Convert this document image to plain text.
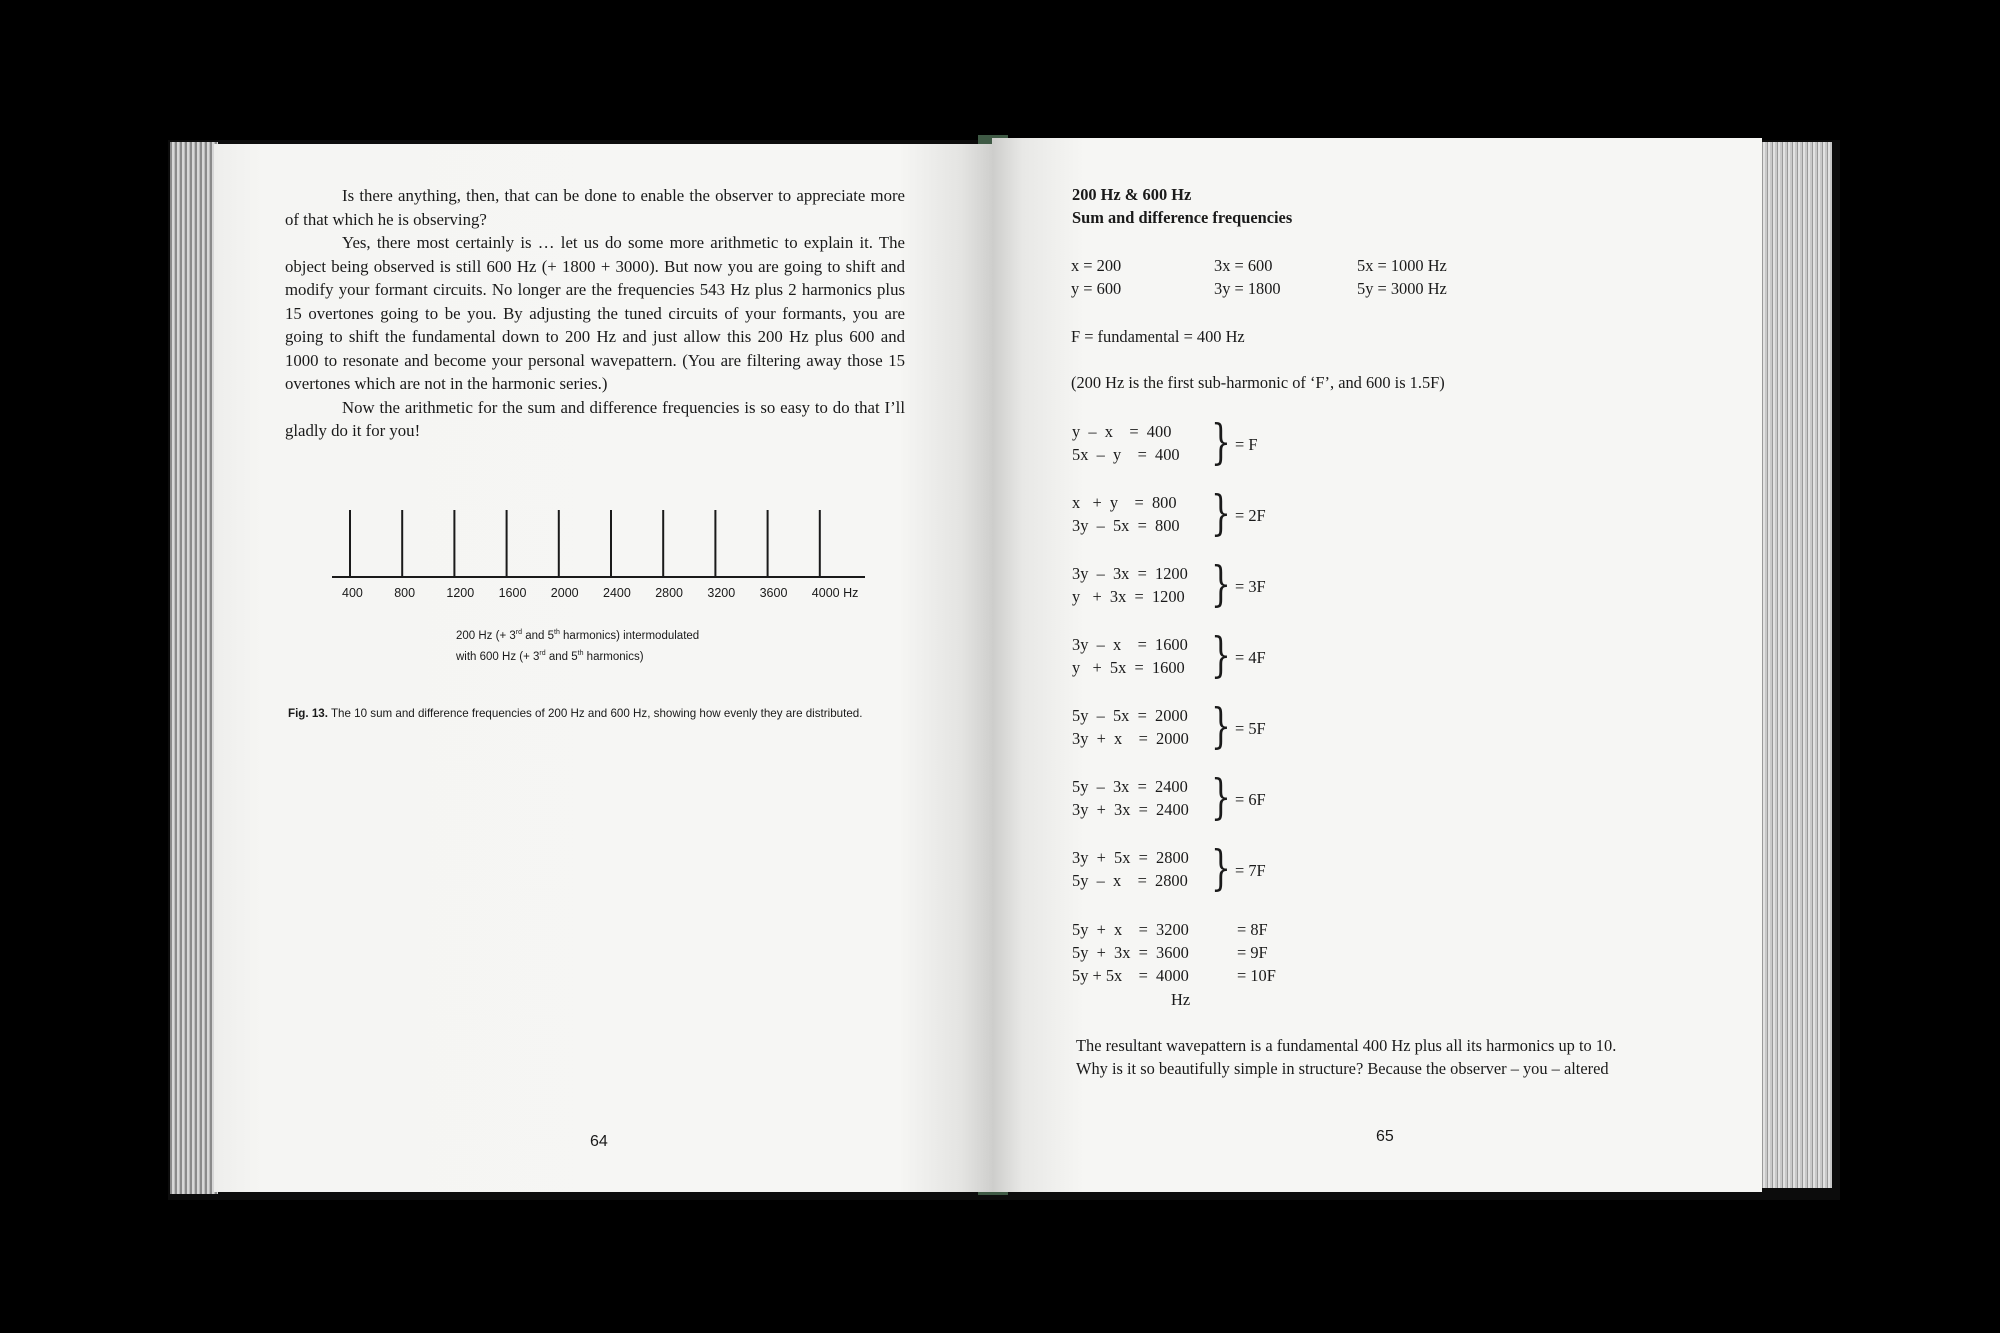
Is there anything, then, that can be done to enable the observer to appreciate more of that which he is observing?

Yes, there most certainly is … let us do some more arithmetic to explain it. The object being observed is still 600 Hz (+ 1800 + 3000). But now you are going to shift and modify your formant circuits. No longer are the frequencies 543 Hz plus 2 harmonics plus 15 overtones going to be you. By adjusting the tuned circuits of your formants, you are going to shift the fundamental down to 200 Hz and just allow this 200 Hz plus 600 and 1000 to resonate and become your personal wavepattern. (You are filtering away those 15 overtones which are not in the harmonic series.)

Now the arithmetic for the sum and difference frequencies is so easy to do that I’ll gladly do it for you!

400	800	1200 1600 2000 2400 2800 3200 3600 4000 Hz
200 Hz (+ 3rd and 5th harmonics) intermodulated
with 600 Hz (+ 3rd and 5th harmonics)
Fig. 13. The 10 sum and difference frequencies of 200 Hz and 600 Hz, showing how evenly they are distributed.
64
200 Hz & 600 Hz
Sum and difference frequencies
x = 200	3x = 600	5x = 1000 Hz
y = 600	3y = 1800	5y = 3000 Hz
F = fundamental = 400 Hz
(200 Hz is the first sub-harmonic of ‘F’, and 600 is 1.5F)
y  –  x    =  400
5x  –  y    =  400 } = F
x   +  y    =  800
3y  –  5x  =  800 } = 2F
3y  –  3x  =  1200
y   +  3x  =  1200 } = 3F
3y  –  x    =  1600
y   +  5x  =  1600 } = 4F
5y  –  5x  =  2000
3y  +  x    =  2000 } = 5F
5y  –  3x  =  2400
3y  +  3x  =  2400 } = 6F
3y  +  5x  =  2800
5y  –  x    =  2800 } = 7F
5y  +  x    =  3200	= 8F
5y  +  3x  =  3600	= 9F
5y + 5x    =  4000	= 10F
Hz
The resultant wavepattern is a fundamental 400 Hz plus all its harmonics up to 10.
Why is it so beautifully simple in structure? Because the observer – you – altered
65
